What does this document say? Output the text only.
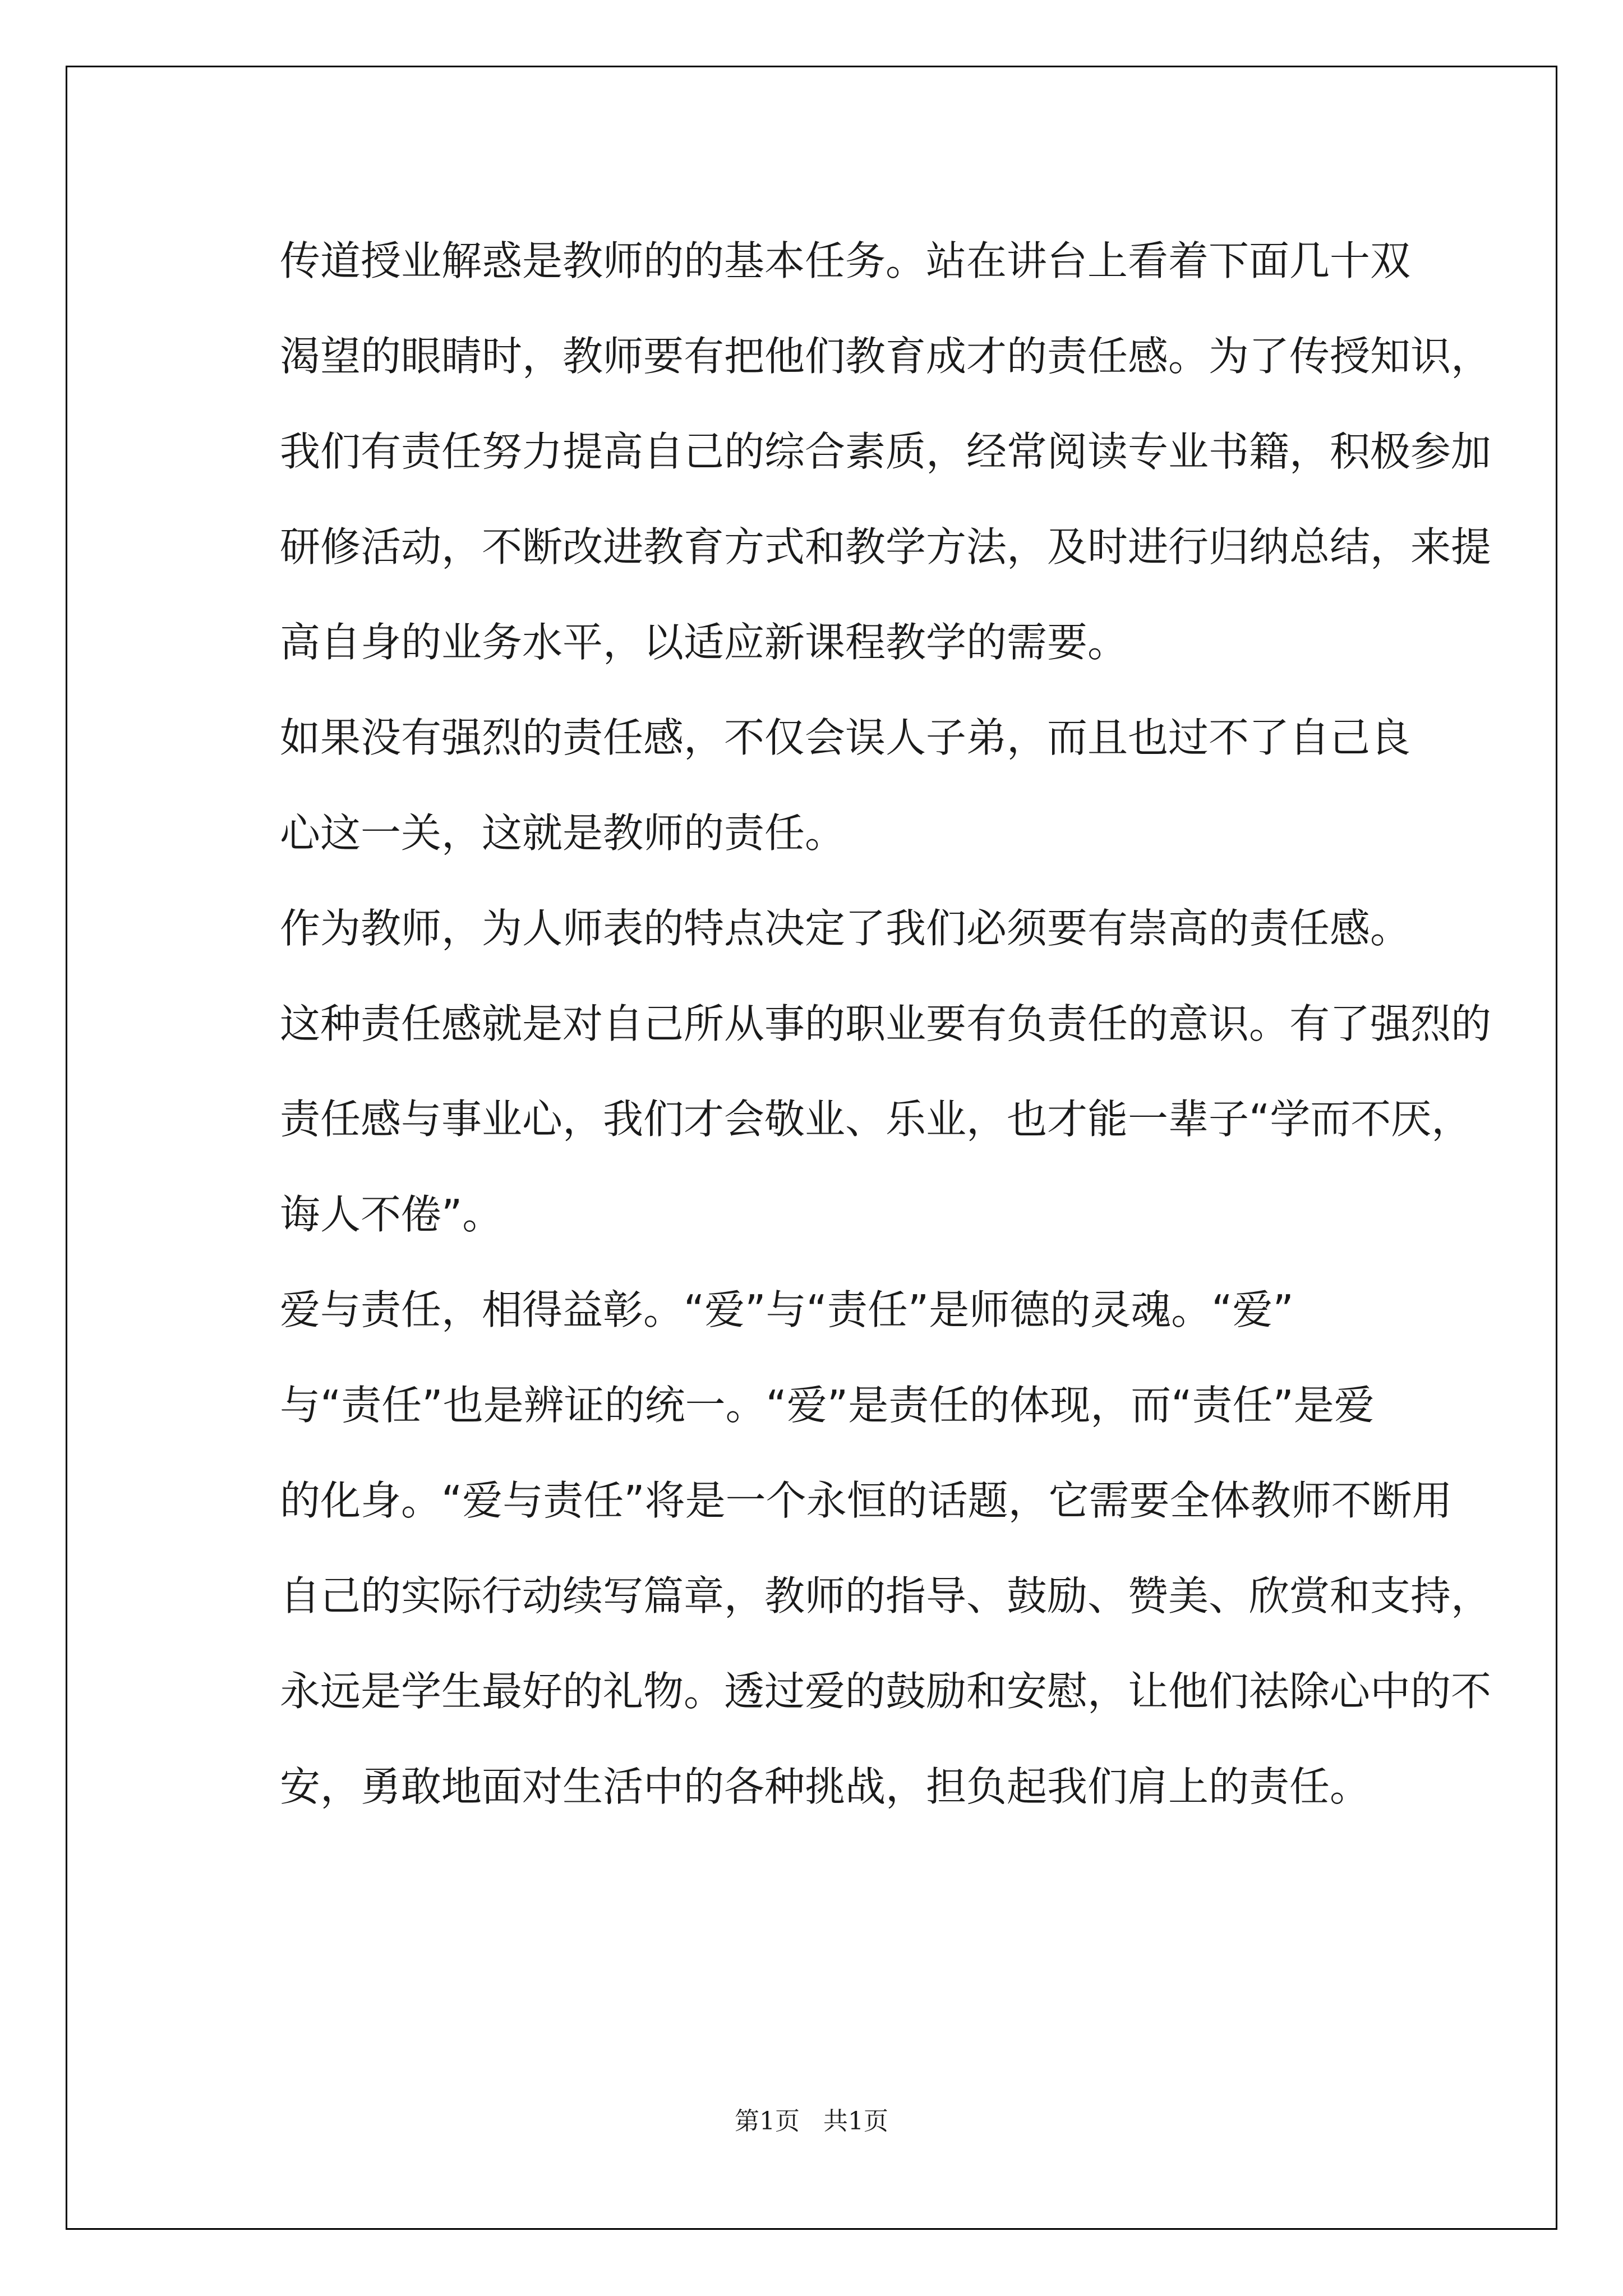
传道授业解惑是教师的的基本任务。站在讲台上看着下面几十双
渴望的眼睛时，教师要有把他们教育成才的责任感。为了传授知识，
我们有责任努力提高自己的综合素质，经常阅读专业书籍，积极参加
研修活动，不断改进教育方式和教学方法，及时进行归纳总结，来提
高自身的业务水平，以适应新课程教学的需要。

如果没有强烈的责任感，不仅会误人子弟，而且也过不了自己良
心这一关，这就是教师的责任。

作为教师，为人师表的特点决定了我们必须要有崇高的责任感。
这种责任感就是对自己所从事的职业要有负责任的意识。有了强烈的
责任感与事业心，我们才会敬业、乐业，也才能一辈子“学而不厌，
诲人不倦”。

爱与责任，相得益彰。“爱”与“责任”是师德的灵魂。“爱”
与“责任”也是辨证的统一。“爱”是责任的体现，而“责任”是爱
的化身。“爱与责任”将是一个永恒的话题，它需要全体教师不断用
自己的实际行动续写篇章，教师的指导、鼓励、赞美、欣赏和支持，
永远是学生最好的礼物。透过爱的鼓励和安慰，让他们祛除心中的不
安，勇敢地面对生活中的各种挑战，担负起我们肩上的责任。

第1页   共1页
